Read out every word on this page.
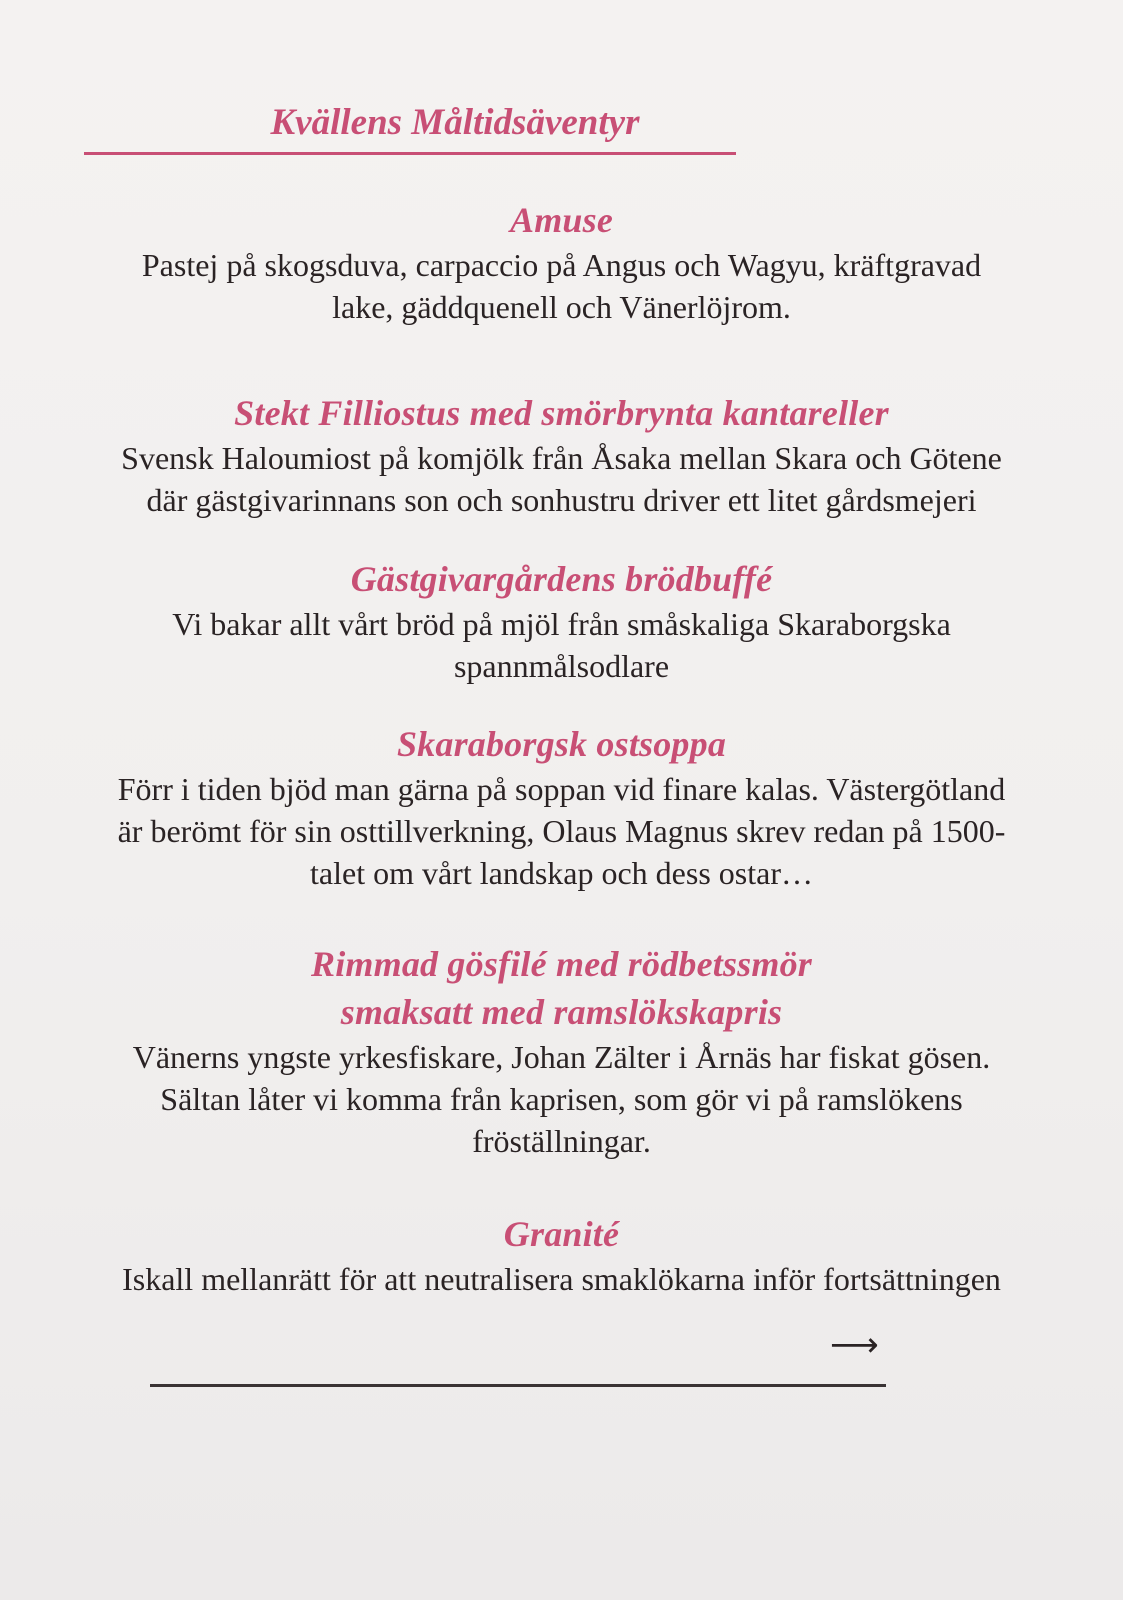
Kvällens Måltidsäventyr
Amuse

Pastej på skogsduva, carpaccio på Angus och Wagyu, kräftgravad
lake, gäddquenell och Vänerlöjrom.

Stekt Filliostus med smörbrynta kantareller

Svensk Haloumiost på komjölk från Åsaka mellan Skara och Götene
där gästgivarinnans son och sonhustru driver ett litet gårdsmejeri

Gästgivargårdens brödbuffé

Vi bakar allt vårt bröd på mjöl från småskaliga Skaraborgska
spannmålsodlare

Skaraborgsk ostsoppa

Förr i tiden bjöd man gärna på soppan vid finare kalas. Västergötland
är berömt för sin osttillverkning, Olaus Magnus skrev redan på 1500-
talet om vårt landskap och dess ostar…

Rimmad gösfilé med rödbetssmör
smaksatt med ramslökskapris

Vänerns yngste yrkesfiskare, Johan Zälter i Årnäs har fiskat gösen.
Sältan låter vi komma från kaprisen, som gör vi på ramslökens
fröställningar.

Granité

Iskall mellanrätt för att neutralisera smaklökarna inför fortsättningen

⟶
